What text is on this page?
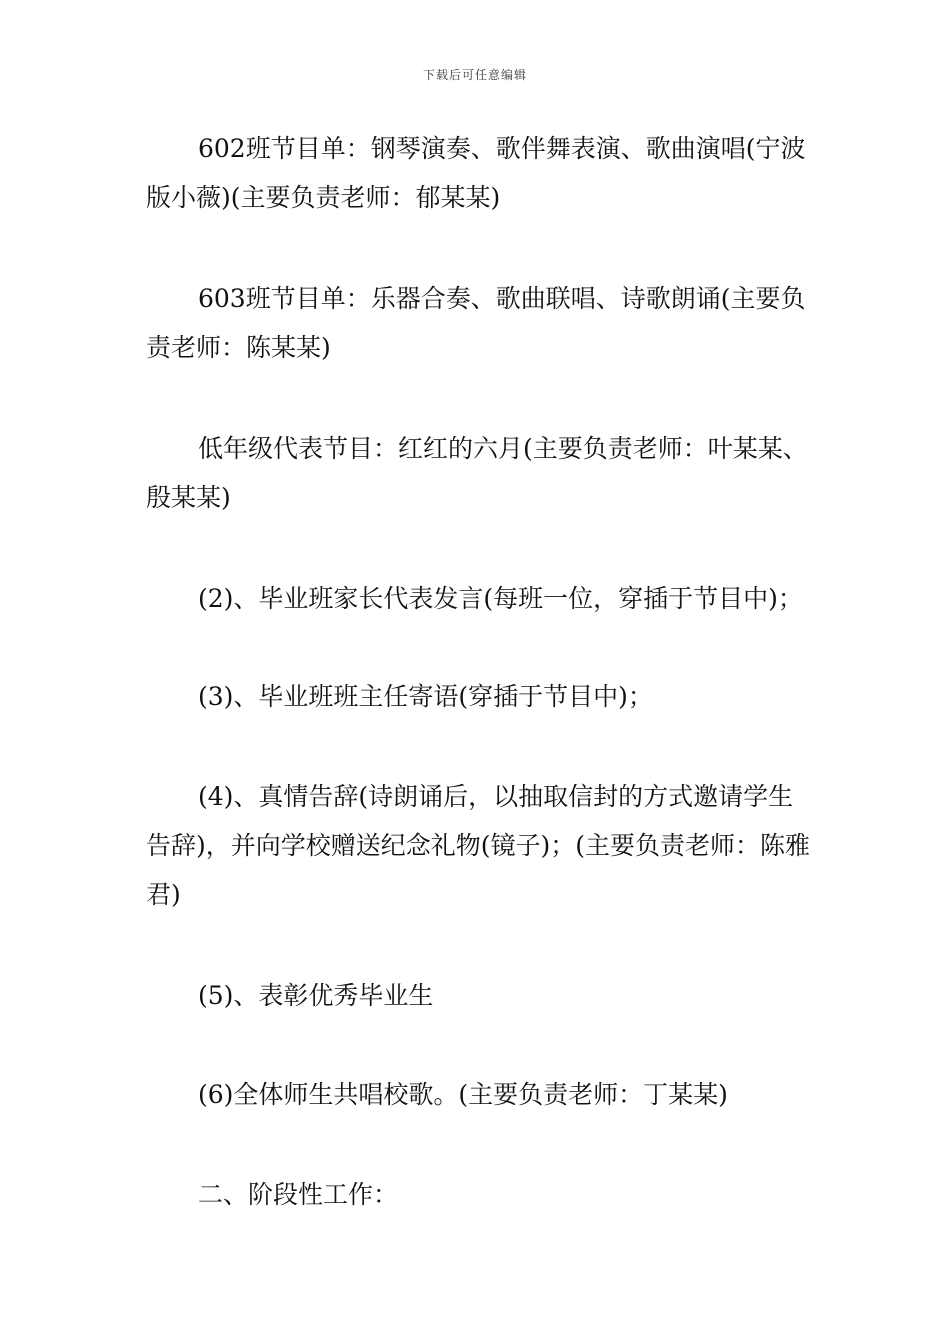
下载后可任意编辑
602班节目单：钢琴演奏、歌伴舞表演、歌曲演唱(宁波版小薇)(主要负责老师：郁某某)
603班节目单：乐器合奏、歌曲联唱、诗歌朗诵(主要负责老师：陈某某)
低年级代表节目：红红的六月(主要负责老师：叶某某、殷某某)
(2)、毕业班家长代表发言(每班一位，穿插于节目中)；
(3)、毕业班班主任寄语(穿插于节目中)；
(4)、真情告辞(诗朗诵后，以抽取信封的方式邀请学生告辞)，并向学校赠送纪念礼物(镜子)；(主要负责老师：陈雅君)
(5)、表彰优秀毕业生
(6)全体师生共唱校歌。(主要负责老师：丁某某)
二、阶段性工作：
